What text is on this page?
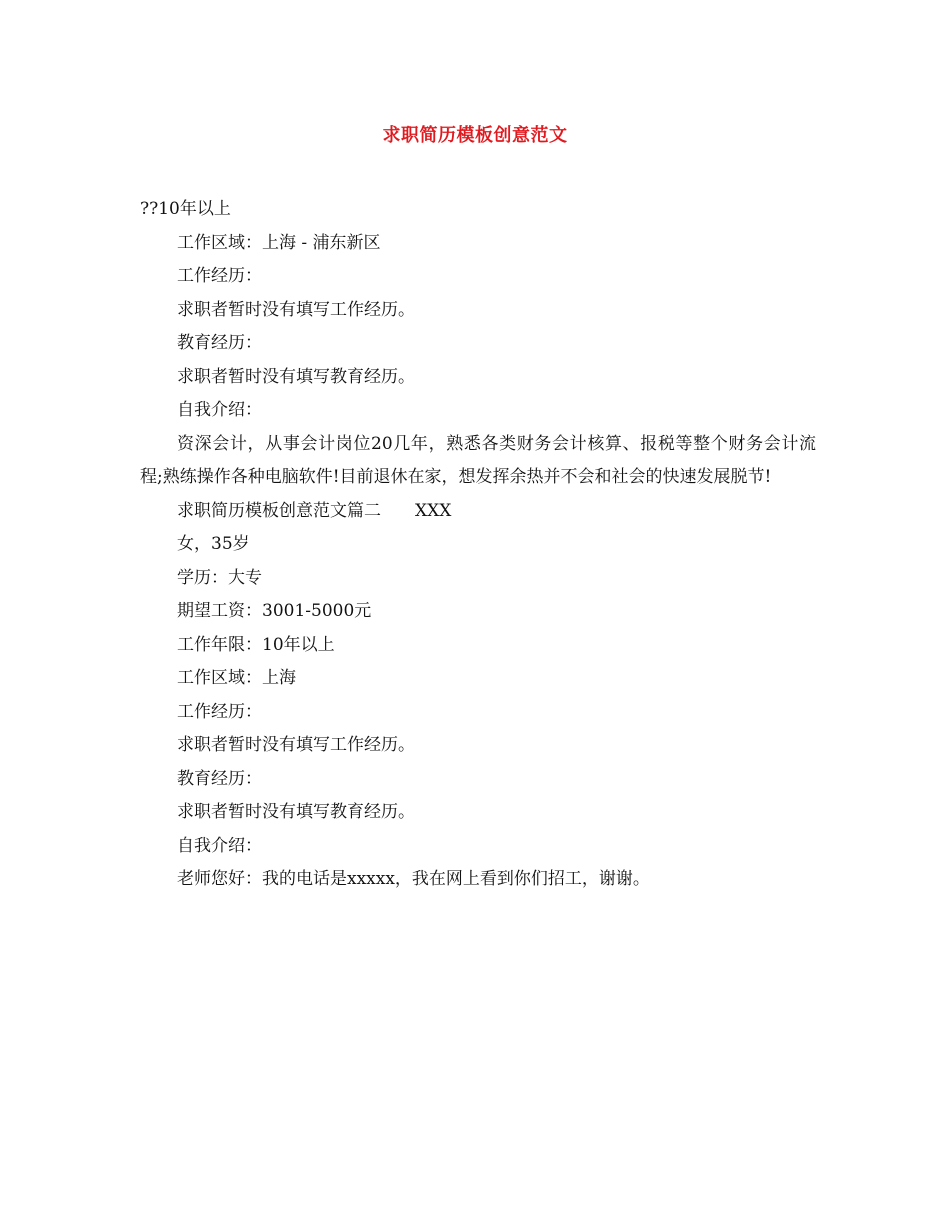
求职简历模板创意范文

??10年以上

工作区域：上海 - 浦东新区

工作经历：

求职者暂时没有填写工作经历。

教育经历：

求职者暂时没有填写教育经历。

自我介绍：

资深会计，从事会计岗位20几年，熟悉各类财务会计核算、报税等整个财务会计流程;熟练操作各种电脑软件!目前退休在家，想发挥余热并不会和社会的快速发展脱节!

求职简历模板创意范文篇二　　XXX

女，35岁

学历：大专

期望工资：3001-5000元

工作年限：10年以上

工作区域：上海

工作经历：

求职者暂时没有填写工作经历。

教育经历：

求职者暂时没有填写教育经历。

自我介绍：

老师您好：我的电话是xxxxx，我在网上看到你们招工，谢谢。
